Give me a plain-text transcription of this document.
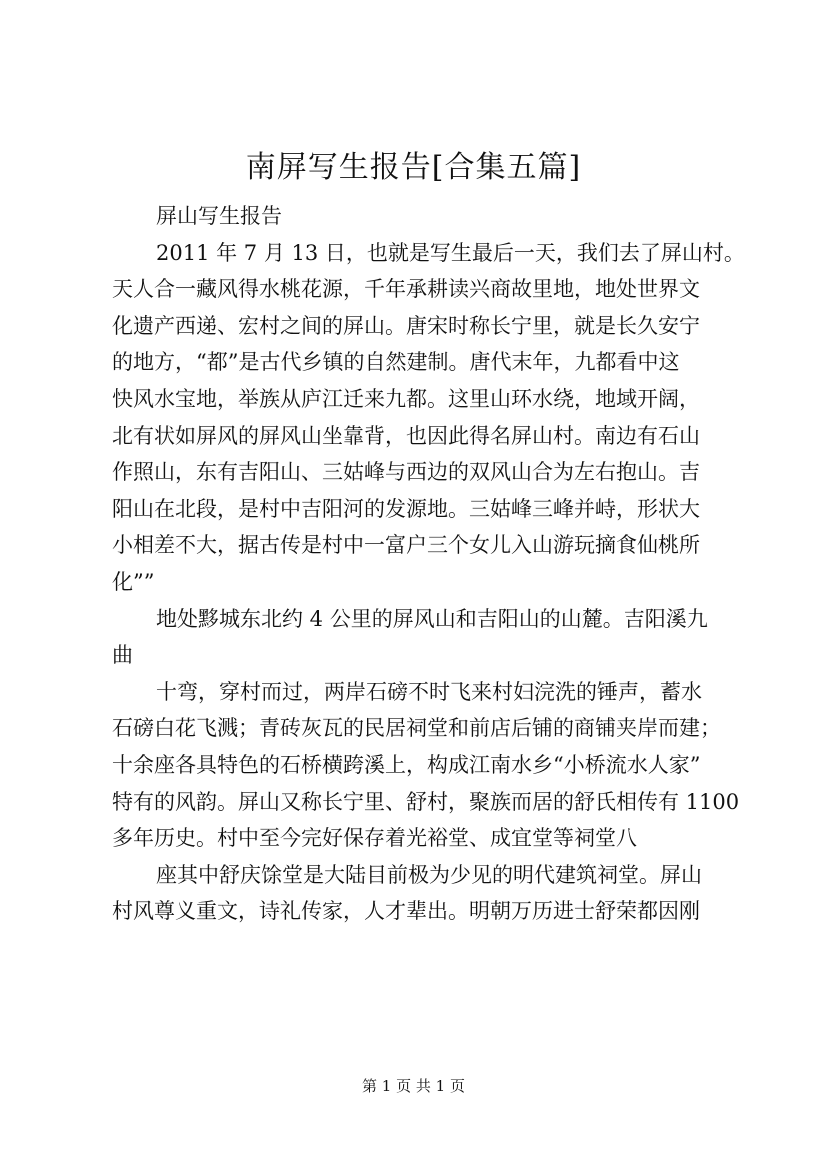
南屏写生报告[合集五篇]
屏山写生报告
2011 年 7 月 13 日，也就是写生最后一天，我们去了屏山村。
天人合一藏风得水桃花源，千年承耕读兴商故里地，地处世界文
化遗产西递、宏村之间的屏山。唐宋时称长宁里，就是长久安宁
的地方，“都”是古代乡镇的自然建制。唐代末年，九都看中这
快风水宝地，举族从庐江迁来九都。这里山环水绕，地域开阔，
北有状如屏风的屏风山坐靠背，也因此得名屏山村。南边有石山
作照山，东有吉阳山、三姑峰与西边的双风山合为左右抱山。吉
阳山在北段，是村中吉阳河的发源地。三姑峰三峰并峙，形状大
小相差不大，据古传是村中一富户三个女儿入山游玩摘食仙桃所
化””
地处黟城东北约 4 公里的屏风山和吉阳山的山麓。吉阳溪九
曲
十弯，穿村而过，两岸石磅不时飞来村妇浣洗的锤声，蓄水
石磅白花飞溅；青砖灰瓦的民居祠堂和前店后铺的商铺夹岸而建；
十余座各具特色的石桥横跨溪上，构成江南水乡“小桥流水人家”
特有的风韵。屏山又称长宁里、舒村，聚族而居的舒氏相传有 1100
多年历史。村中至今完好保存着光裕堂、成宜堂等祠堂八
座其中舒庆馀堂是大陆目前极为少见的明代建筑祠堂。屏山
村风尊义重文，诗礼传家，人才辈出。明朝万历进士舒荣都因刚
第 1 页 共 1 页
